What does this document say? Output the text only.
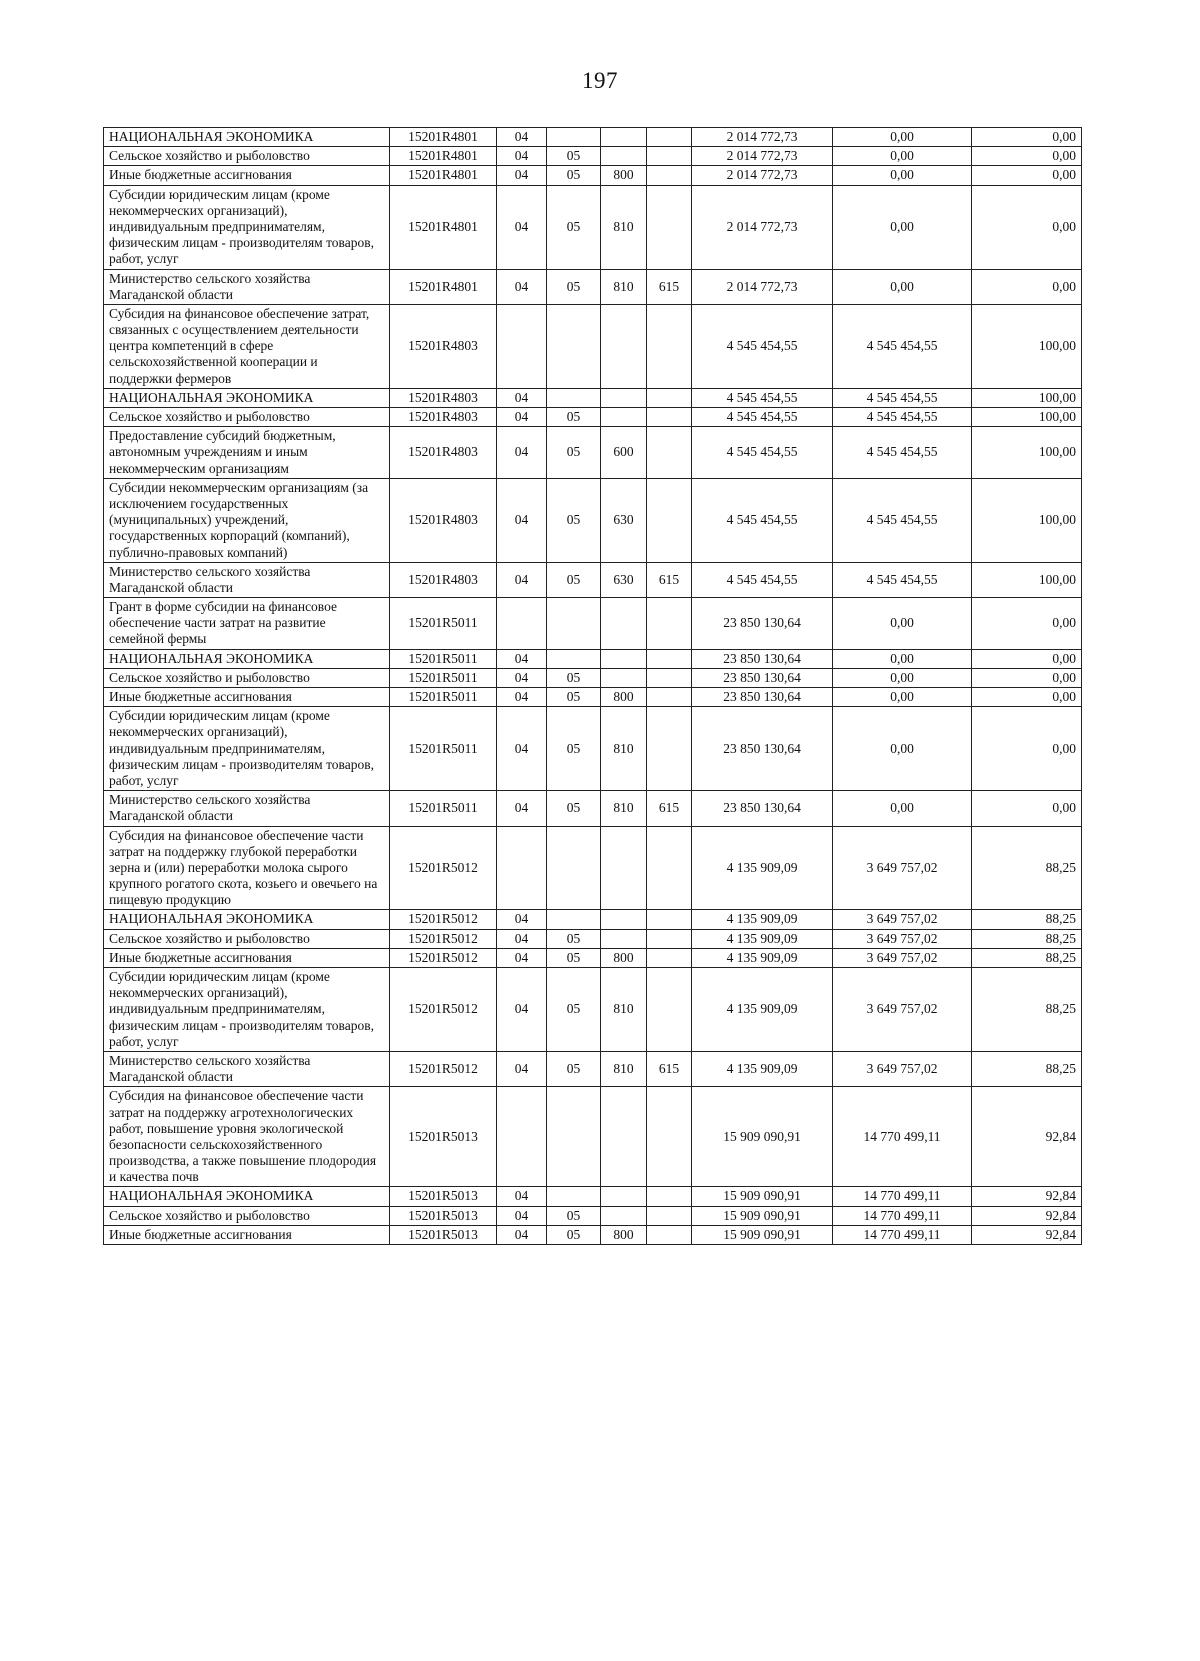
197
НАЦИОНАЛЬНАЯ ЭКОНОМИКА	15201R4801	04				2 014 772,73	0,00	0,00
Сельское хозяйство и рыболовство	15201R4801	04	05			2 014 772,73	0,00	0,00
Иные бюджетные ассигнования	15201R4801	04	05	800		2 014 772,73	0,00	0,00
Субсидии юридическим лицам (кроме некоммерческих организаций), индивидуальным предпринимателям, физическим лицам - производителям товаров, работ, услуг	15201R4801	04	05	810		2 014 772,73	0,00	0,00
Министерство сельского хозяйства Магаданской области	15201R4801	04	05	810	615	2 014 772,73	0,00	0,00
Субсидия на финансовое обеспечение затрат, связанных с осуществлением деятельности центра компетенций в сфере сельскохозяйственной кооперации и поддержки фермеров	15201R4803					4 545 454,55	4 545 454,55	100,00
НАЦИОНАЛЬНАЯ ЭКОНОМИКА	15201R4803	04				4 545 454,55	4 545 454,55	100,00
Сельское хозяйство и рыболовство	15201R4803	04	05			4 545 454,55	4 545 454,55	100,00
Предоставление субсидий бюджетным, автономным учреждениям и иным некоммерческим организациям	15201R4803	04	05	600		4 545 454,55	4 545 454,55	100,00
Субсидии некоммерческим организациям (за исключением государственных (муниципальных) учреждений, государственных корпораций (компаний), публично-правовых компаний)	15201R4803	04	05	630		4 545 454,55	4 545 454,55	100,00
Министерство сельского хозяйства Магаданской области	15201R4803	04	05	630	615	4 545 454,55	4 545 454,55	100,00
Грант в форме субсидии на финансовое обеспечение части затрат на развитие семейной фермы	15201R5011					23 850 130,64	0,00	0,00
НАЦИОНАЛЬНАЯ ЭКОНОМИКА	15201R5011	04				23 850 130,64	0,00	0,00
Сельское хозяйство и рыболовство	15201R5011	04	05			23 850 130,64	0,00	0,00
Иные бюджетные ассигнования	15201R5011	04	05	800		23 850 130,64	0,00	0,00
Субсидии юридическим лицам (кроме некоммерческих организаций), индивидуальным предпринимателям, физическим лицам - производителям товаров, работ, услуг	15201R5011	04	05	810		23 850 130,64	0,00	0,00
Министерство сельского хозяйства Магаданской области	15201R5011	04	05	810	615	23 850 130,64	0,00	0,00
Субсидия на финансовое обеспечение части затрат на поддержку глубокой переработки зерна и (или) переработки молока сырого крупного рогатого скота, козьего и овечьего на пищевую продукцию	15201R5012					4 135 909,09	3 649 757,02	88,25
НАЦИОНАЛЬНАЯ ЭКОНОМИКА	15201R5012	04				4 135 909,09	3 649 757,02	88,25
Сельское хозяйство и рыболовство	15201R5012	04	05			4 135 909,09	3 649 757,02	88,25
Иные бюджетные ассигнования	15201R5012	04	05	800		4 135 909,09	3 649 757,02	88,25
Субсидии юридическим лицам (кроме некоммерческих организаций), индивидуальным предпринимателям, физическим лицам - производителям товаров, работ, услуг	15201R5012	04	05	810		4 135 909,09	3 649 757,02	88,25
Министерство сельского хозяйства Магаданской области	15201R5012	04	05	810	615	4 135 909,09	3 649 757,02	88,25
Субсидия на финансовое обеспечение части затрат на поддержку агротехнологических работ, повышение уровня экологической безопасности сельскохозяйственного производства, а также повышение плодородия и качества почв	15201R5013					15 909 090,91	14 770 499,11	92,84
НАЦИОНАЛЬНАЯ ЭКОНОМИКА	15201R5013	04				15 909 090,91	14 770 499,11	92,84
Сельское хозяйство и рыболовство	15201R5013	04	05			15 909 090,91	14 770 499,11	92,84
Иные бюджетные ассигнования	15201R5013	04	05	800		15 909 090,91	14 770 499,11	92,84
